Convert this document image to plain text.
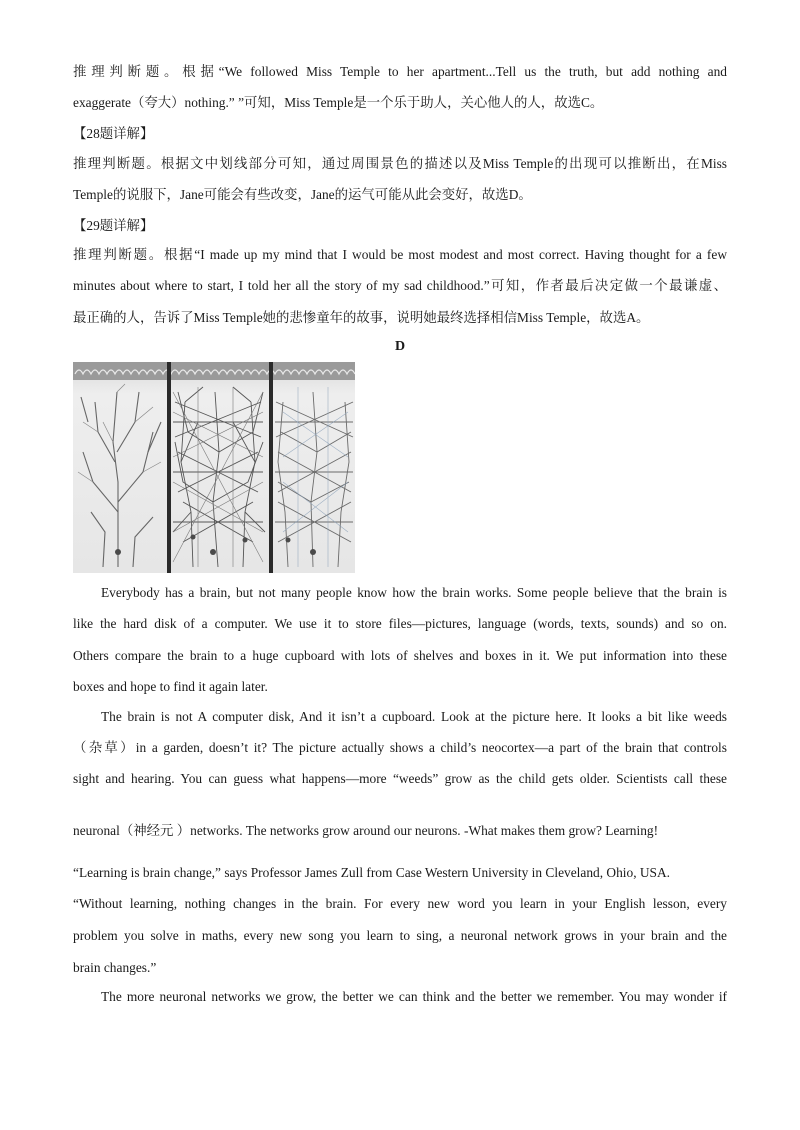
推理判断题。根据“We followed Miss Temple to her apartment...Tell us the truth, but add nothing and
exaggerate（夸大）nothing.” ”可知，Miss Temple是一个乐于助人，关心他人的人，故选C。
【28题详解】
推理判断题。根据文中划线部分可知，通过周围景色的描述以及Miss Temple的出现可以推断出，在Miss
Temple的说服下，Jane可能会有些改变，Jane的运气可能从此会变好，故选D。
【29题详解】
推理判断题。根据“I made up my mind that I would be most modest and most correct. Having thought for a few
minutes about where to start, I told her all the story of my sad childhood.”可知，作者最后决定做一个最谦虚、
最正确的人，告诉了Miss Temple她的悲惨童年的故事，说明她最终选择相信Miss Temple，故选A。
D
Everybody has a brain, but not many people know how the brain works. Some people believe that the brain is
like the hard disk of a computer. We use it to store files—pictures, language (words, texts, sounds) and so on.
Others compare the brain to a huge cupboard with lots of shelves and boxes in it. We put information into these
boxes and hope to find it again later.
The brain is not A computer disk, And it isn’t a cupboard. Look at the picture here. It looks a bit like weeds
（杂草）in a garden, doesn’t it? The picture actually shows a child’s neocortex—a part of the brain that controls
sight and hearing. You can guess what happens—more “weeds” grow as the child gets older. Scientists call these
neuronal（神经元 ）networks. The networks grow around our neurons. -What makes them grow? Learning!
“Learning is brain change,” says Professor James Zull from Case Western University in Cleveland, Ohio, USA.
“Without learning, nothing changes in the brain. For every new word you learn in your English lesson, every
problem you solve in maths, every new song you learn to sing, a neuronal network grows in your brain and the
brain changes.”
The more neuronal networks we grow, the better we can think and the better we remember. You may wonder if
